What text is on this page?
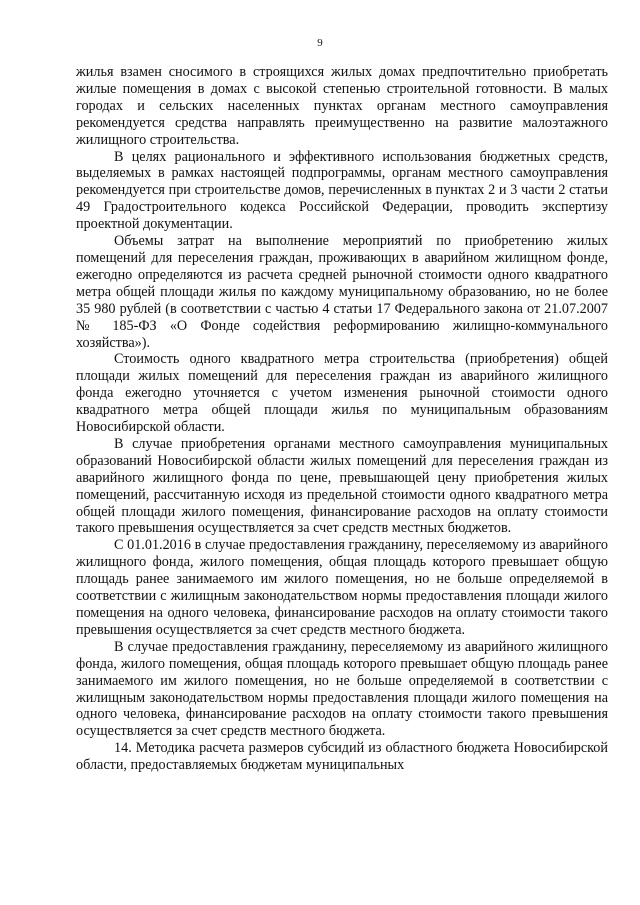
9

жилья взамен сносимого в строящихся жилых домах предпочтительно приобретать жилые помещения в домах с высокой степенью строительной готовности. В малых городах и сельских населенных пунктах органам местного самоуправления рекомендуется средства направлять преимущественно на развитие малоэтажного жилищного строительства.

В целях рационального и эффективного использования бюджетных средств, выделяемых в рамках настоящей подпрограммы, органам местного самоуправления рекомендуется при строительстве домов, перечисленных в пунктах 2 и 3 части 2 статьи 49 Градостроительного кодекса Российской Федерации, проводить экспертизу проектной документации.

Объемы затрат на выполнение мероприятий по приобретению жилых помещений для переселения граждан, проживающих в аварийном жилищном фонде, ежегодно определяются из расчета средней рыночной стоимости одного квадратного метра общей площади жилья по каждому муниципальному образованию, но не более 35 980 рублей (в соответствии с частью 4 статьи 17 Федерального закона от 21.07.2007 № 185-ФЗ «О Фонде содействия реформированию жилищно-коммунального хозяйства»).

Стоимость одного квадратного метра строительства (приобретения) общей площади жилых помещений для переселения граждан из аварийного жилищного фонда ежегодно уточняется с учетом изменения рыночной стоимости одного квадратного метра общей площади жилья по муниципальным образованиям Новосибирской области.

В случае приобретения органами местного самоуправления муниципальных образований Новосибирской области жилых помещений для переселения граждан из аварийного жилищного фонда по цене, превышающей цену приобретения жилых помещений, рассчитанную исходя из предельной стоимости одного квадратного метра общей площади жилого помещения, финансирование расходов на оплату стоимости такого превышения осуществляется за счет средств местных бюджетов.

С 01.01.2016 в случае предоставления гражданину, переселяемому из аварийного жилищного фонда, жилого помещения, общая площадь которого превышает общую площадь ранее занимаемого им жилого помещения, но не больше определяемой в соответствии с жилищным законодательством нормы предоставления площади жилого помещения на одного человека, финансирование расходов на оплату стоимости такого превышения осуществляется за счет средств местного бюджета.

В случае предоставления гражданину, переселяемому из аварийного жилищного фонда, жилого помещения, общая площадь которого превышает общую площадь ранее занимаемого им жилого помещения, но не больше определяемой в соответствии с жилищным законодательством нормы предоставления площади жилого помещения на одного человека, финансирование расходов на оплату стоимости такого превышения осуществляется за счет средств местного бюджета.

14. Методика расчета размеров субсидий из областного бюджета Новосибирской области, предоставляемых бюджетам муниципальных
